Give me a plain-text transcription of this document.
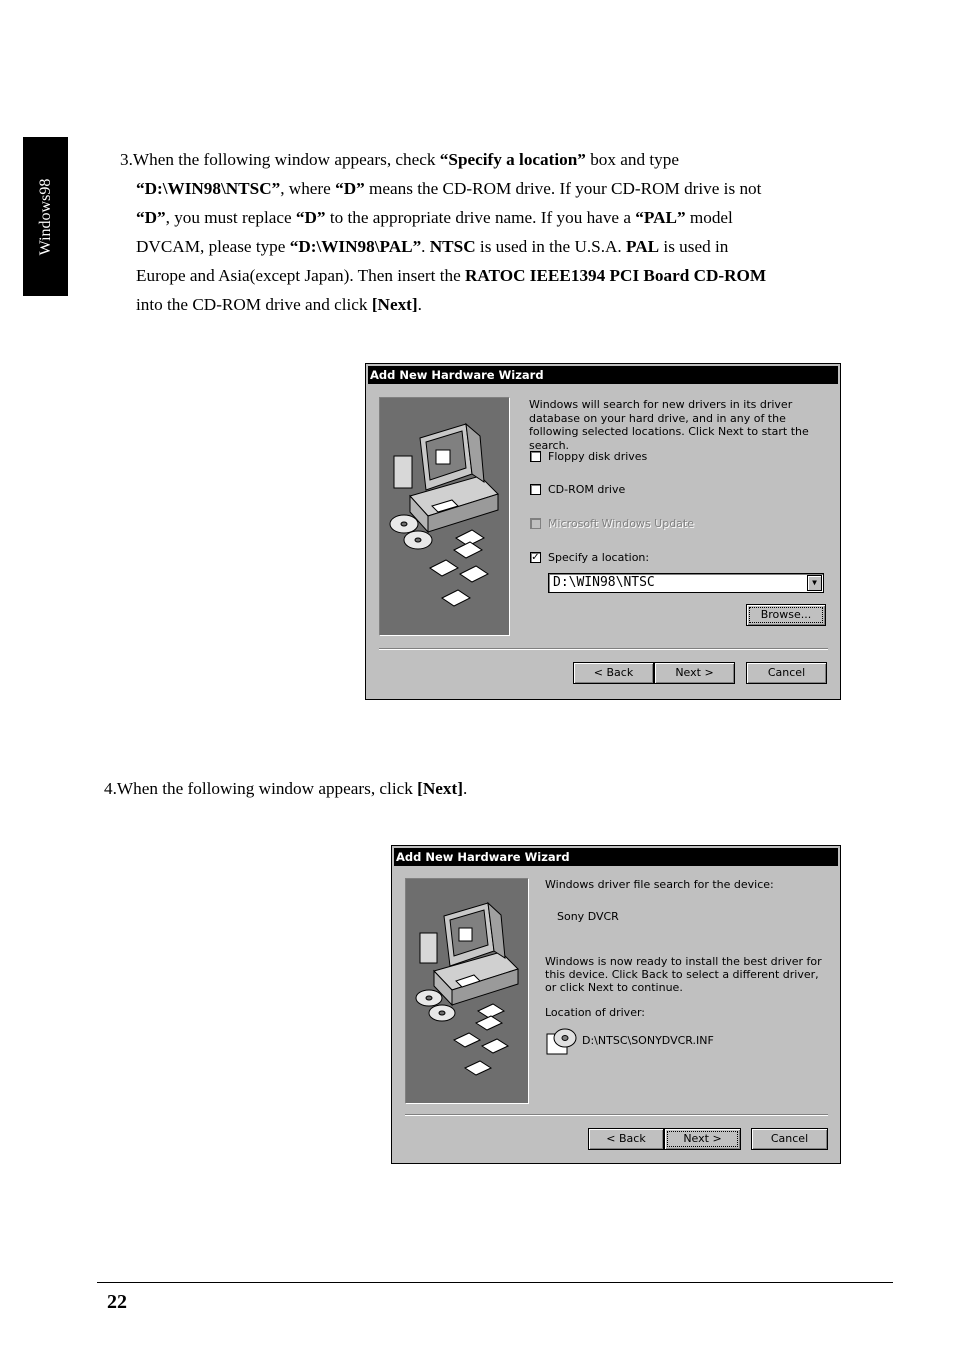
Windows98
3.When the following window appears, check “Specify a location” box and type
“D:\WIN98\NTSC”, where “D” means the CD-ROM drive. If your CD-ROM drive is not
“D”, you must replace “D” to the appropriate drive name. If you have a “PAL” model
DVCAM, please type “D:\WIN98\PAL”. NTSC is used in the U.S.A. PAL is used in
Europe and Asia(except Japan). Then insert the RATOC IEEE1394 PCI Board CD-ROM
into the CD-ROM drive and click [Next].
Add New Hardware Wizard
Windows will search for new drivers in its driver database on your hard drive, and in any of the following selected locations. Click Next to start the search.
Floppy disk drives
CD-ROM drive
Microsoft Windows Update
✓ Specify a location:
D:\WIN98\NTSC	▼
Browse...
< Back	Next >	Cancel
4.When the following window appears, click [Next].
Add New Hardware Wizard
Windows driver file search for the device:
Sony DVCR
Windows is now ready to install the best driver for this device. Click Back to select a different driver, or click Next to continue.
Location of driver:
D:\NTSC\SONYDVCR.INF
< Back	Next >	Cancel
22
